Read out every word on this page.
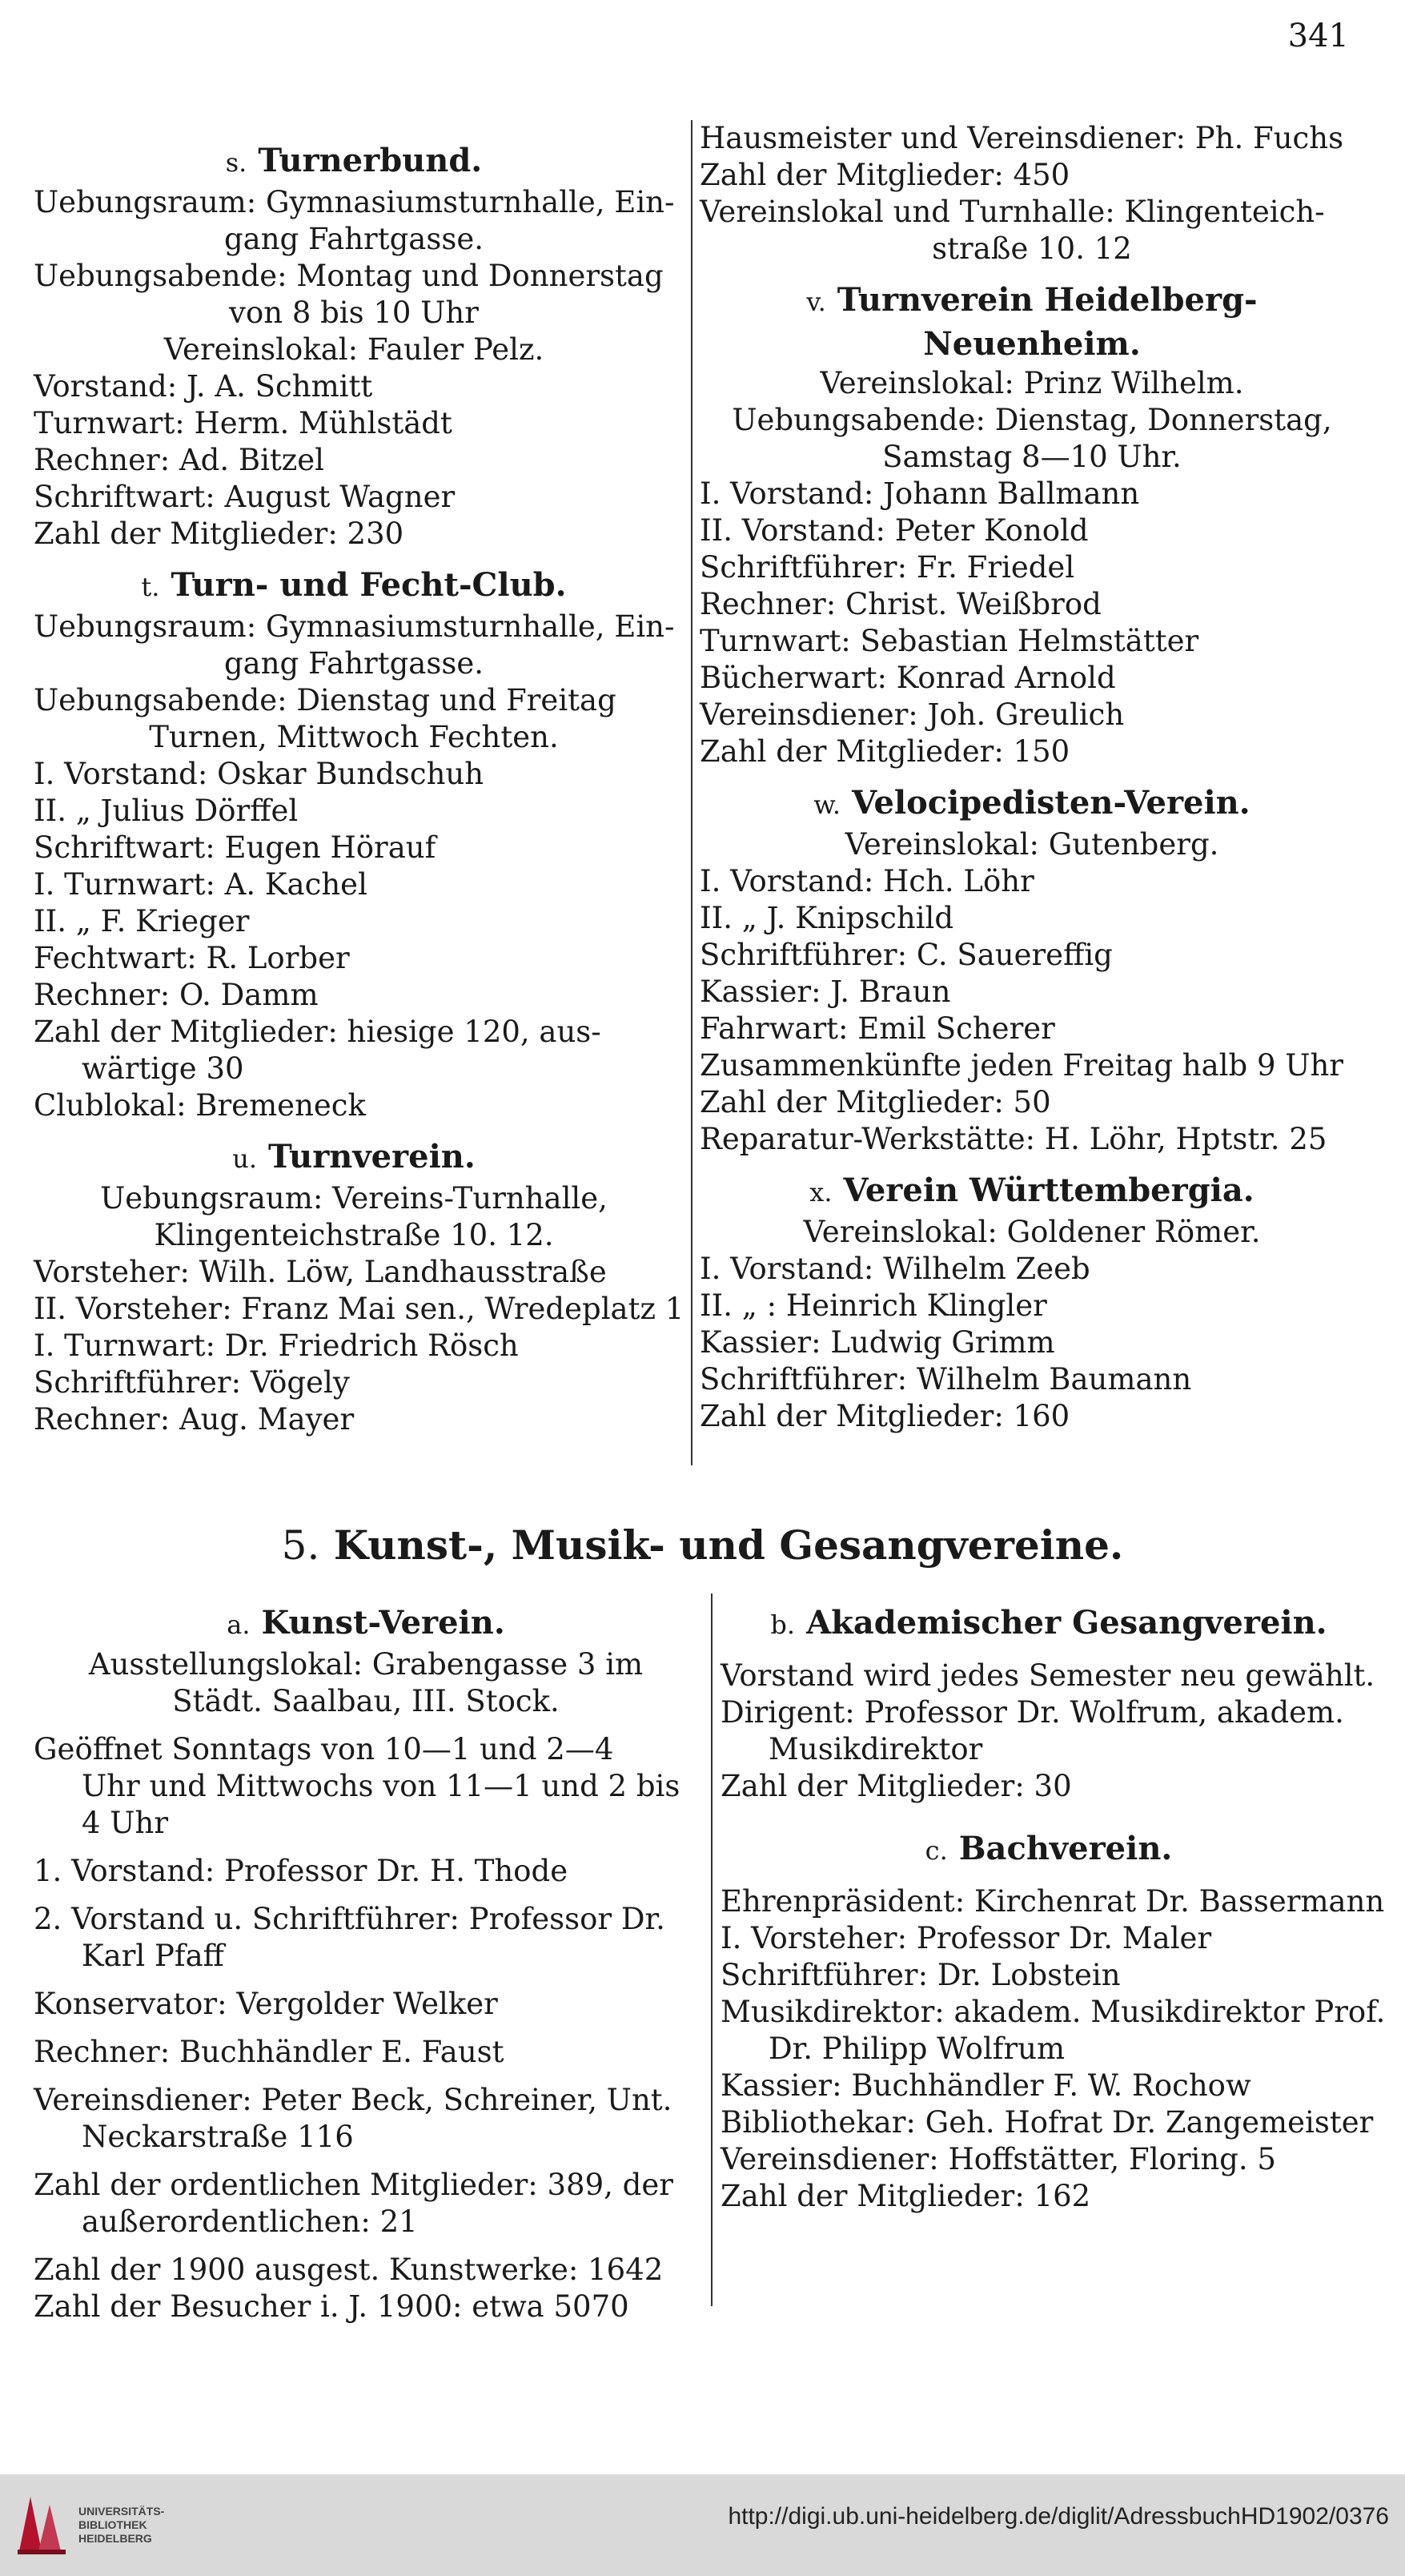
341
s. Turnerbund.
Uebungsraum: Gymnasiumsturnhalle, Ein-
gang Fahrtgasse.
Uebungsabende: Montag und Donnerstag
von 8 bis 10 Uhr
Vereinslokal: Fauler Pelz.
Vorstand: J. A. Schmitt
Turnwart: Herm. Mühlstädt
Rechner: Ad. Bitzel
Schriftwart: August Wagner
Zahl der Mitglieder: 230
t. Turn- und Fecht-Club.
Uebungsraum: Gymnasiumsturnhalle, Ein-
gang Fahrtgasse.
Uebungsabende: Dienstag und Freitag
Turnen, Mittwoch Fechten.
I. Vorstand: Oskar Bundschuh
II. „ Julius Dörffel
Schriftwart: Eugen Hörauf
I. Turnwart: A. Kachel
II. „ F. Krieger
Fechtwart: R. Lorber
Rechner: O. Damm
Zahl der Mitglieder: hiesige 120, aus-
wärtige 30
Clublokal: Bremeneck
u. Turnverein.
Uebungsraum: Vereins-Turnhalle,
Klingenteichstraße 10. 12.
Vorsteher: Wilh. Löw, Landhausstraße
II. Vorsteher: Franz Mai sen., Wredeplatz 1
I. Turnwart: Dr. Friedrich Rösch
Schriftführer: Vögely
Rechner: Aug. Mayer
Hausmeister und Vereinsdiener: Ph. Fuchs
Zahl der Mitglieder: 450
Vereinslokal und Turnhalle: Klingenteich-
straße 10. 12
v. Turnverein Heidelberg-
Neuenheim.
Vereinslokal: Prinz Wilhelm.
Uebungsabende: Dienstag, Donnerstag,
Samstag 8—10 Uhr.
I. Vorstand: Johann Ballmann
II. Vorstand: Peter Konold
Schriftführer: Fr. Friedel
Rechner: Christ. Weißbrod
Turnwart: Sebastian Helmstätter
Bücherwart: Konrad Arnold
Vereinsdiener: Joh. Greulich
Zahl der Mitglieder: 150
w. Velocipedisten-Verein.
Vereinslokal: Gutenberg.
I. Vorstand: Hch. Löhr
II. „ J. Knipschild
Schriftführer: C. Sauereffig
Kassier: J. Braun
Fahrwart: Emil Scherer
Zusammenkünfte jeden Freitag halb 9 Uhr
Zahl der Mitglieder: 50
Reparatur-Werkstätte: H. Löhr, Hptstr. 25
x. Verein Württembergia.
Vereinslokal: Goldener Römer.
I. Vorstand: Wilhelm Zeeb
II. „ : Heinrich Klingler
Kassier: Ludwig Grimm
Schriftführer: Wilhelm Baumann
Zahl der Mitglieder: 160
5. Kunst-, Musik- und Gesangvereine.
a. Kunst-Verein.
Ausstellungslokal: Grabengasse 3 im
Städt. Saalbau, III. Stock.
Geöffnet Sonntags von 10—1 und 2—4
Uhr und Mittwochs von 11—1 und 2 bis
4 Uhr
1. Vorstand: Professor Dr. H. Thode
2. Vorstand u. Schriftführer: Professor Dr.
Karl Pfaff
Konservator: Vergolder Welker
Rechner: Buchhändler E. Faust
Vereinsdiener: Peter Beck, Schreiner, Unt.
Neckarstraße 116
Zahl der ordentlichen Mitglieder: 389, der
außerordentlichen: 21
Zahl der 1900 ausgest. Kunstwerke: 1642
Zahl der Besucher i. J. 1900: etwa 5070
b. Akademischer Gesangverein.
Vorstand wird jedes Semester neu gewählt.
Dirigent: Professor Dr. Wolfrum, akadem.
Musikdirektor
Zahl der Mitglieder: 30
c. Bachverein.
Ehrenpräsident: Kirchenrat Dr. Bassermann
I. Vorsteher: Professor Dr. Maler
Schriftführer: Dr. Lobstein
Musikdirektor: akadem. Musikdirektor Prof.
Dr. Philipp Wolfrum
Kassier: Buchhändler F. W. Rochow
Bibliothekar: Geh. Hofrat Dr. Zangemeister
Vereinsdiener: Hoffstätter, Floring. 5
Zahl der Mitglieder: 162
UNIVERSITÄTS-
BIBLIOTHEK
HEIDELBERG
http://digi.ub.uni-heidelberg.de/diglit/AdressbuchHD1902/0376
